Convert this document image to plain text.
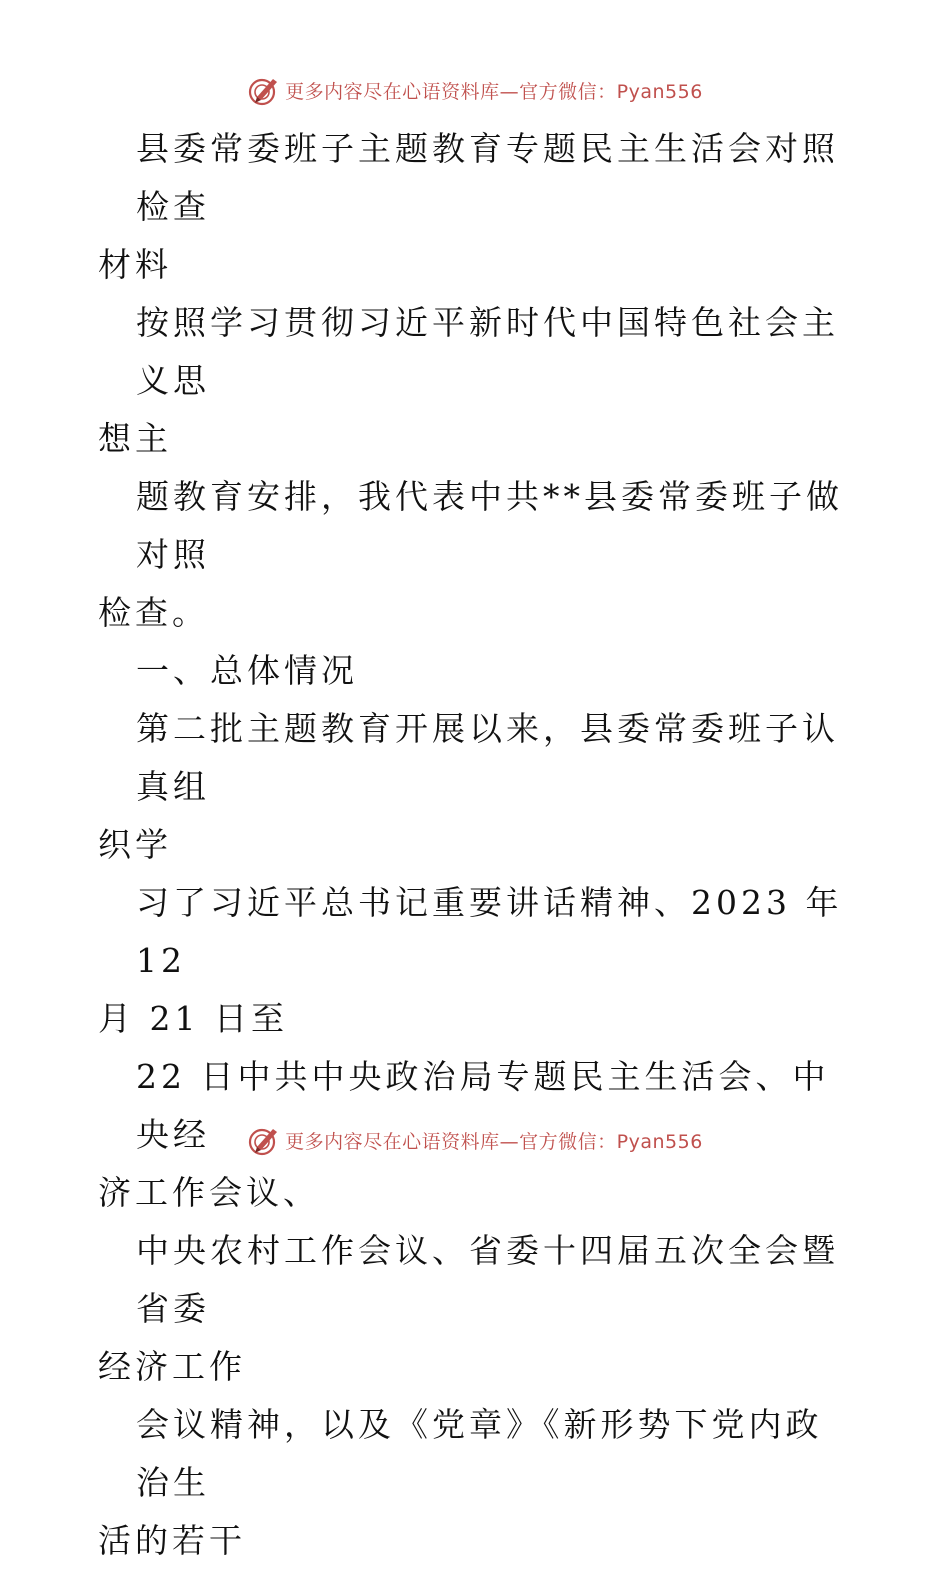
更多内容尽在心语资料库—官方微信：Pyan556
县委常委班子主题教育专题民主生活会对照检查
材料
按照学习贯彻习近平新时代中国特色社会主义思
想主
题教育安排，我代表中共**县委常委班子做对照
检查。
一、总体情况
第二批主题教育开展以来，县委常委班子认真组
织学
习了习近平总书记重要讲话精神、2023 年 12
月 21 日至
22 日中共中央政治局专题民主生活会、中央经
济工作会议、
中央农村工作会议、省委十四届五次全会暨省委
经济工作
会议精神，以及《党章》《新形势下党内政治生
活的若干
更多内容尽在心语资料库—官方微信：Pyan556
